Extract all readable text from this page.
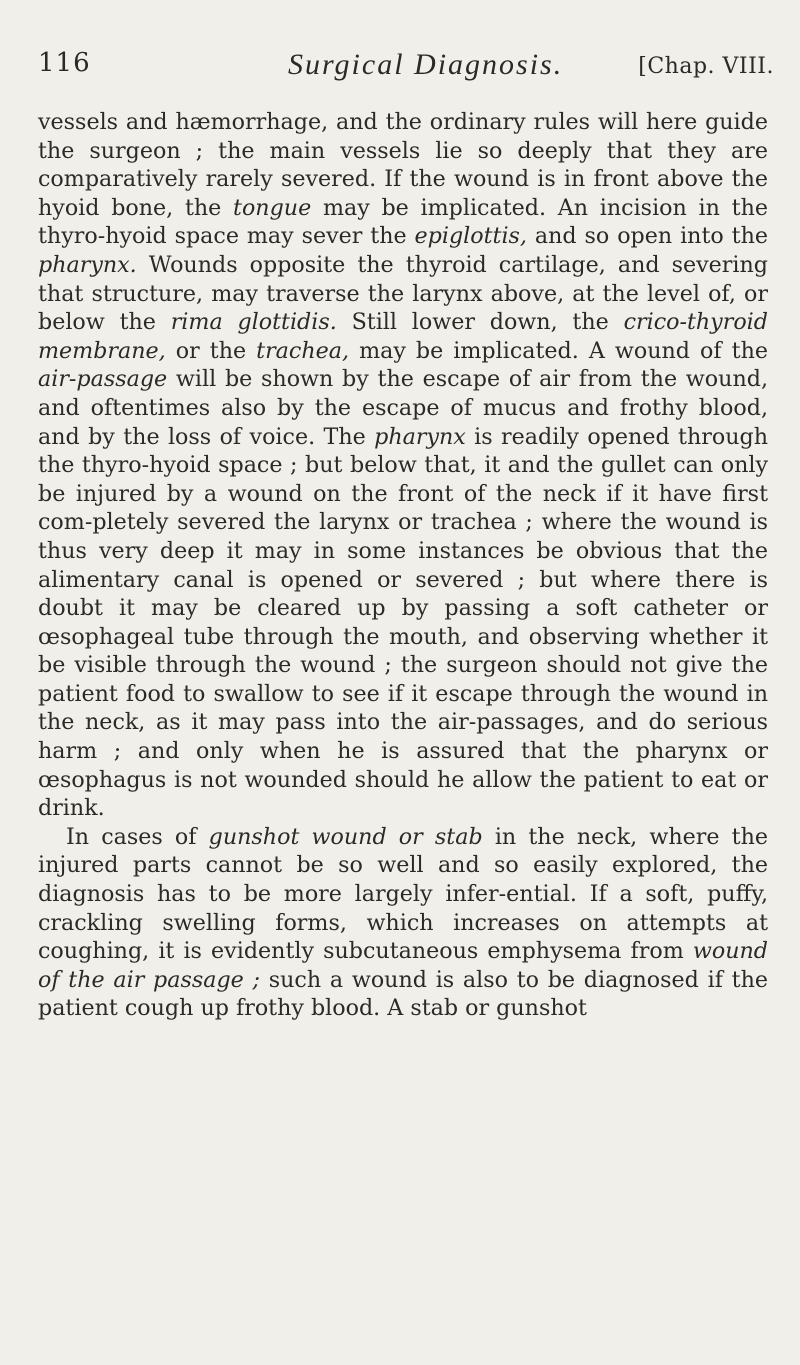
116	Surgical Diagnosis.	[Chap. VIII.

vessels and hæmorrhage, and the ordinary rules will here guide the surgeon ; the main vessels lie so deeply that they are comparatively rarely severed. If the wound is in front above the hyoid bone, the tongue may be implicated. An incision in the thyro-hyoid space may sever the epiglottis, and so open into the pharynx. Wounds opposite the thyroid cartilage, and severing that structure, may traverse the larynx above, at the level of, or below the rima glottidis. Still lower down, the crico-thyroid membrane, or the trachea, may be implicated. A wound of the air-passage will be shown by the escape of air from the wound, and oftentimes also by the escape of mucus and frothy blood, and by the loss of voice. The pharynx is readily opened through the thyro-hyoid space ; but below that, it and the gullet can only be injured by a wound on the front of the neck if it have first com-pletely severed the larynx or trachea ; where the wound is thus very deep it may in some instances be obvious that the alimentary canal is opened or severed ; but where there is doubt it may be cleared up by passing a soft catheter or œsophageal tube through the mouth, and observing whether it be visible through the wound ; the surgeon should not give the patient food to swallow to see if it escape through the wound in the neck, as it may pass into the air-passages, and do serious harm ; and only when he is assured that the pharynx or œsophagus is not wounded should he allow the patient to eat or drink.

In cases of gunshot wound or stab in the neck, where the injured parts cannot be so well and so easily explored, the diagnosis has to be more largely infer-ential. If a soft, puffy, crackling swelling forms, which increases on attempts at coughing, it is evidently subcutaneous emphysema from wound of the air passage ; such a wound is also to be diagnosed if the patient cough up frothy blood. A stab or gunshot
